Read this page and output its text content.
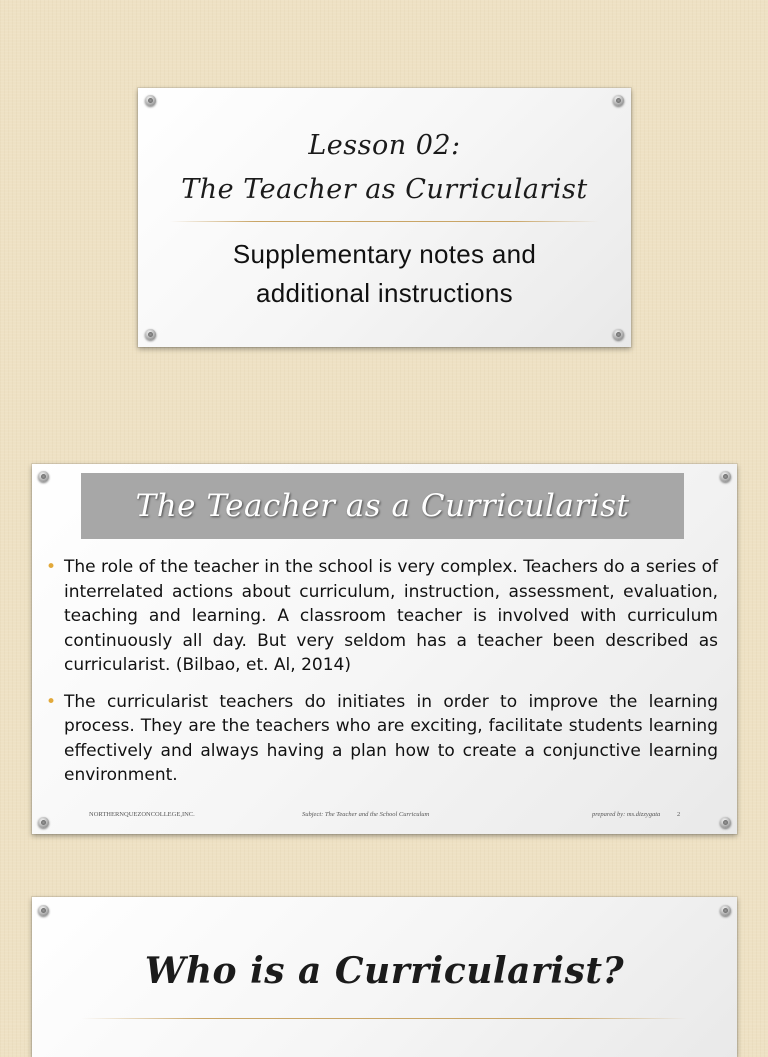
Lesson 02:
The Teacher as Curricularist
Supplementary notes and
additional instructions
The Teacher as a Curricularist
• The role of the teacher in the school is very complex. Teachers do a series of interrelated actions about curriculum, instruction, assessment, evaluation, teaching and learning. A classroom teacher is involved with curriculum continuously all day. But very seldom has a teacher been described as curricularist. (Bilbao, et. Al, 2014)
• The curricularist teachers do initiates in order to improve the learning process. They are the teachers who are exciting, facilitate students learning effectively and always having a plan how to create a conjunctive learning environment.
NORTHERNQUEZONCOLLEGE,INC.	Subject: The Teacher and the School Curriculum	prepared by: ms.dizzygata	2
Who is a Curricularist?
